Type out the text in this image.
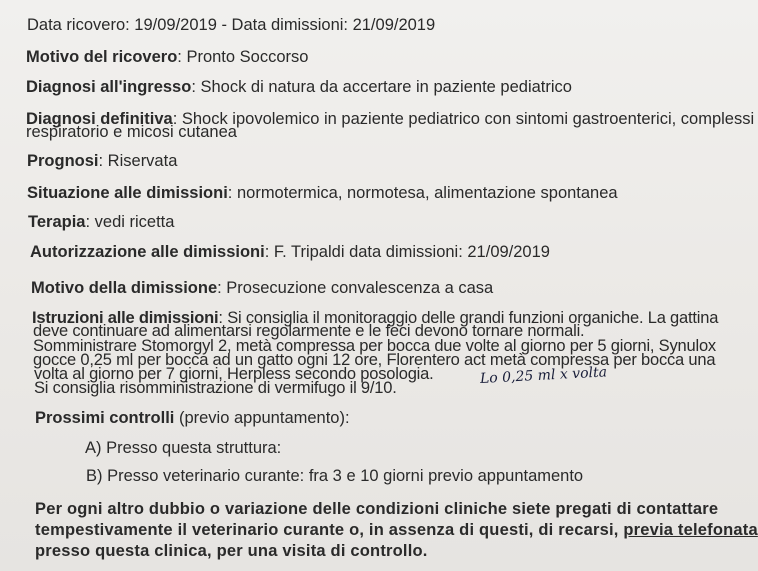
Data ricovero: 19/09/2019 - Data dimissioni: 21/09/2019
Motivo del ricovero: Pronto Soccorso
Diagnosi all'ingresso: Shock di natura da accertare in paziente pediatrico
Diagnosi definitiva: Shock ipovolemico in paziente pediatrico con sintomi gastroenterici, complessi
respiratorio e micosi cutanea
Prognosi: Riservata
Situazione alle dimissioni: normotermica, normotesa, alimentazione spontanea
Terapia: vedi ricetta
Autorizzazione alle dimissioni: F. Tripaldi data dimissioni: 21/09/2019
Motivo della dimissione: Prosecuzione convalescenza a casa
Istruzioni alle dimissioni: Si consiglia il monitoraggio delle grandi funzioni organiche. La gattina
deve continuare ad alimentarsi regolarmente e le feci devono tornare normali.
Somministrare Stomorgyl 2, metà compressa per bocca due volte al giorno per 5 giorni, Synulox
gocce 0,25 ml per bocca ad un gatto ogni 12 ore, Florentero act metà compressa per bocca una
volta al giorno per 7 giorni, Herpless secondo posologia.
Si consiglia risomministrazione di vermifugo il 9/10.
Lo 0,25 ml x volta
Prossimi controlli (previo appuntamento):
A) Presso questa struttura:
B) Presso veterinario curante: fra 3 e 10 giorni previo appuntamento
Per ogni altro dubbio o variazione delle condizioni cliniche siete pregati di contattare
tempestivamente il veterinario curante o, in assenza di questi, di recarsi, previa telefonata
presso questa clinica, per una visita di controllo.
